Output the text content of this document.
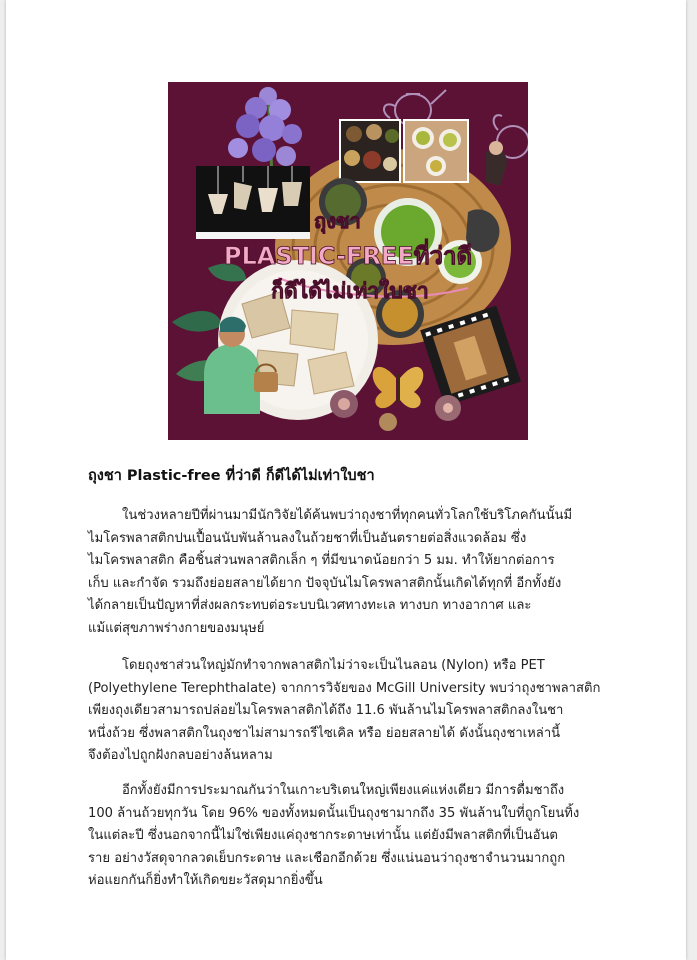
ถุงชา
PLASTIC-FREEที่ว่าดี
ก็ดีได้ไม่เท่าใบชา
ถุงชา Plastic-free ที่ว่าดี ก็ดีได้ไม่เท่าใบชา

ในช่วงหลายปีที่ผ่านมามีนักวิจัยได้ค้นพบว่าถุงชาที่ทุกคนทั่วโลกใช้บริโภคกันนั้นมี
ไมโครพลาสติกปนเปื้อนนับพันล้านลงในถ้วยชาที่เป็นอันตรายต่อสิ่งแวดล้อม ซึ่ง
ไมโครพลาสติก คือชิ้นส่วนพลาสติกเล็ก ๆ ที่มีขนาดน้อยกว่า 5 มม. ทำให้ยากต่อการ
เก็บ และกำจัด รวมถึงย่อยสลายได้ยาก ปัจจุบันไมโครพลาสติกนั้นเกิดได้ทุกที่ อีกทั้งยัง
ได้กลายเป็นปัญหาที่ส่งผลกระทบต่อระบบนิเวศทางทะเล ทางบก ทางอากาศ และ
แม้แต่สุขภาพร่างกายของมนุษย์

โดยถุงชาส่วนใหญ่มักทำจากพลาสติกไม่ว่าจะเป็นไนลอน (Nylon) หรือ PET
(Polyethylene Terephthalate) จากการวิจัยของ McGill University พบว่าถุงชาพลาสติก
เพียงถุงเดียวสามารถปล่อยไมโครพลาสติกได้ถึง 11.6 พันล้านไมโครพลาสติกลงในชา
หนึ่งถ้วย ซึ่งพลาสติกในถุงชาไม่สามารถรีไซเคิล หรือ ย่อยสลายได้ ดังนั้นถุงชาเหล่านี้
จึงต้องไปถูกฝังกลบอย่างล้นหลาม

อีกทั้งยังมีการประมาณกันว่าในเกาะบริเตนใหญ่เพียงแค่แห่งเดียว มีการดื่มชาถึง
100 ล้านถ้วยทุกวัน โดย 96% ของทั้งหมดนั้นเป็นถุงชามากถึง 35 พันล้านใบที่ถูกโยนทิ้ง
ในแต่ละปี ซึ่งนอกจากนี้ไม่ใช่เพียงแค่ถุงชากระดาษเท่านั้น แต่ยังมีพลาสติกที่เป็นอันต
ราย อย่างวัสดุจากลวดเย็บกระดาษ และเชือกอีกด้วย ซึ่งแน่นอนว่าถุงชาจำนวนมากถูก
ห่อแยกกันก็ยิ่งทำให้เกิดขยะวัสดุมากยิ่งขึ้น
